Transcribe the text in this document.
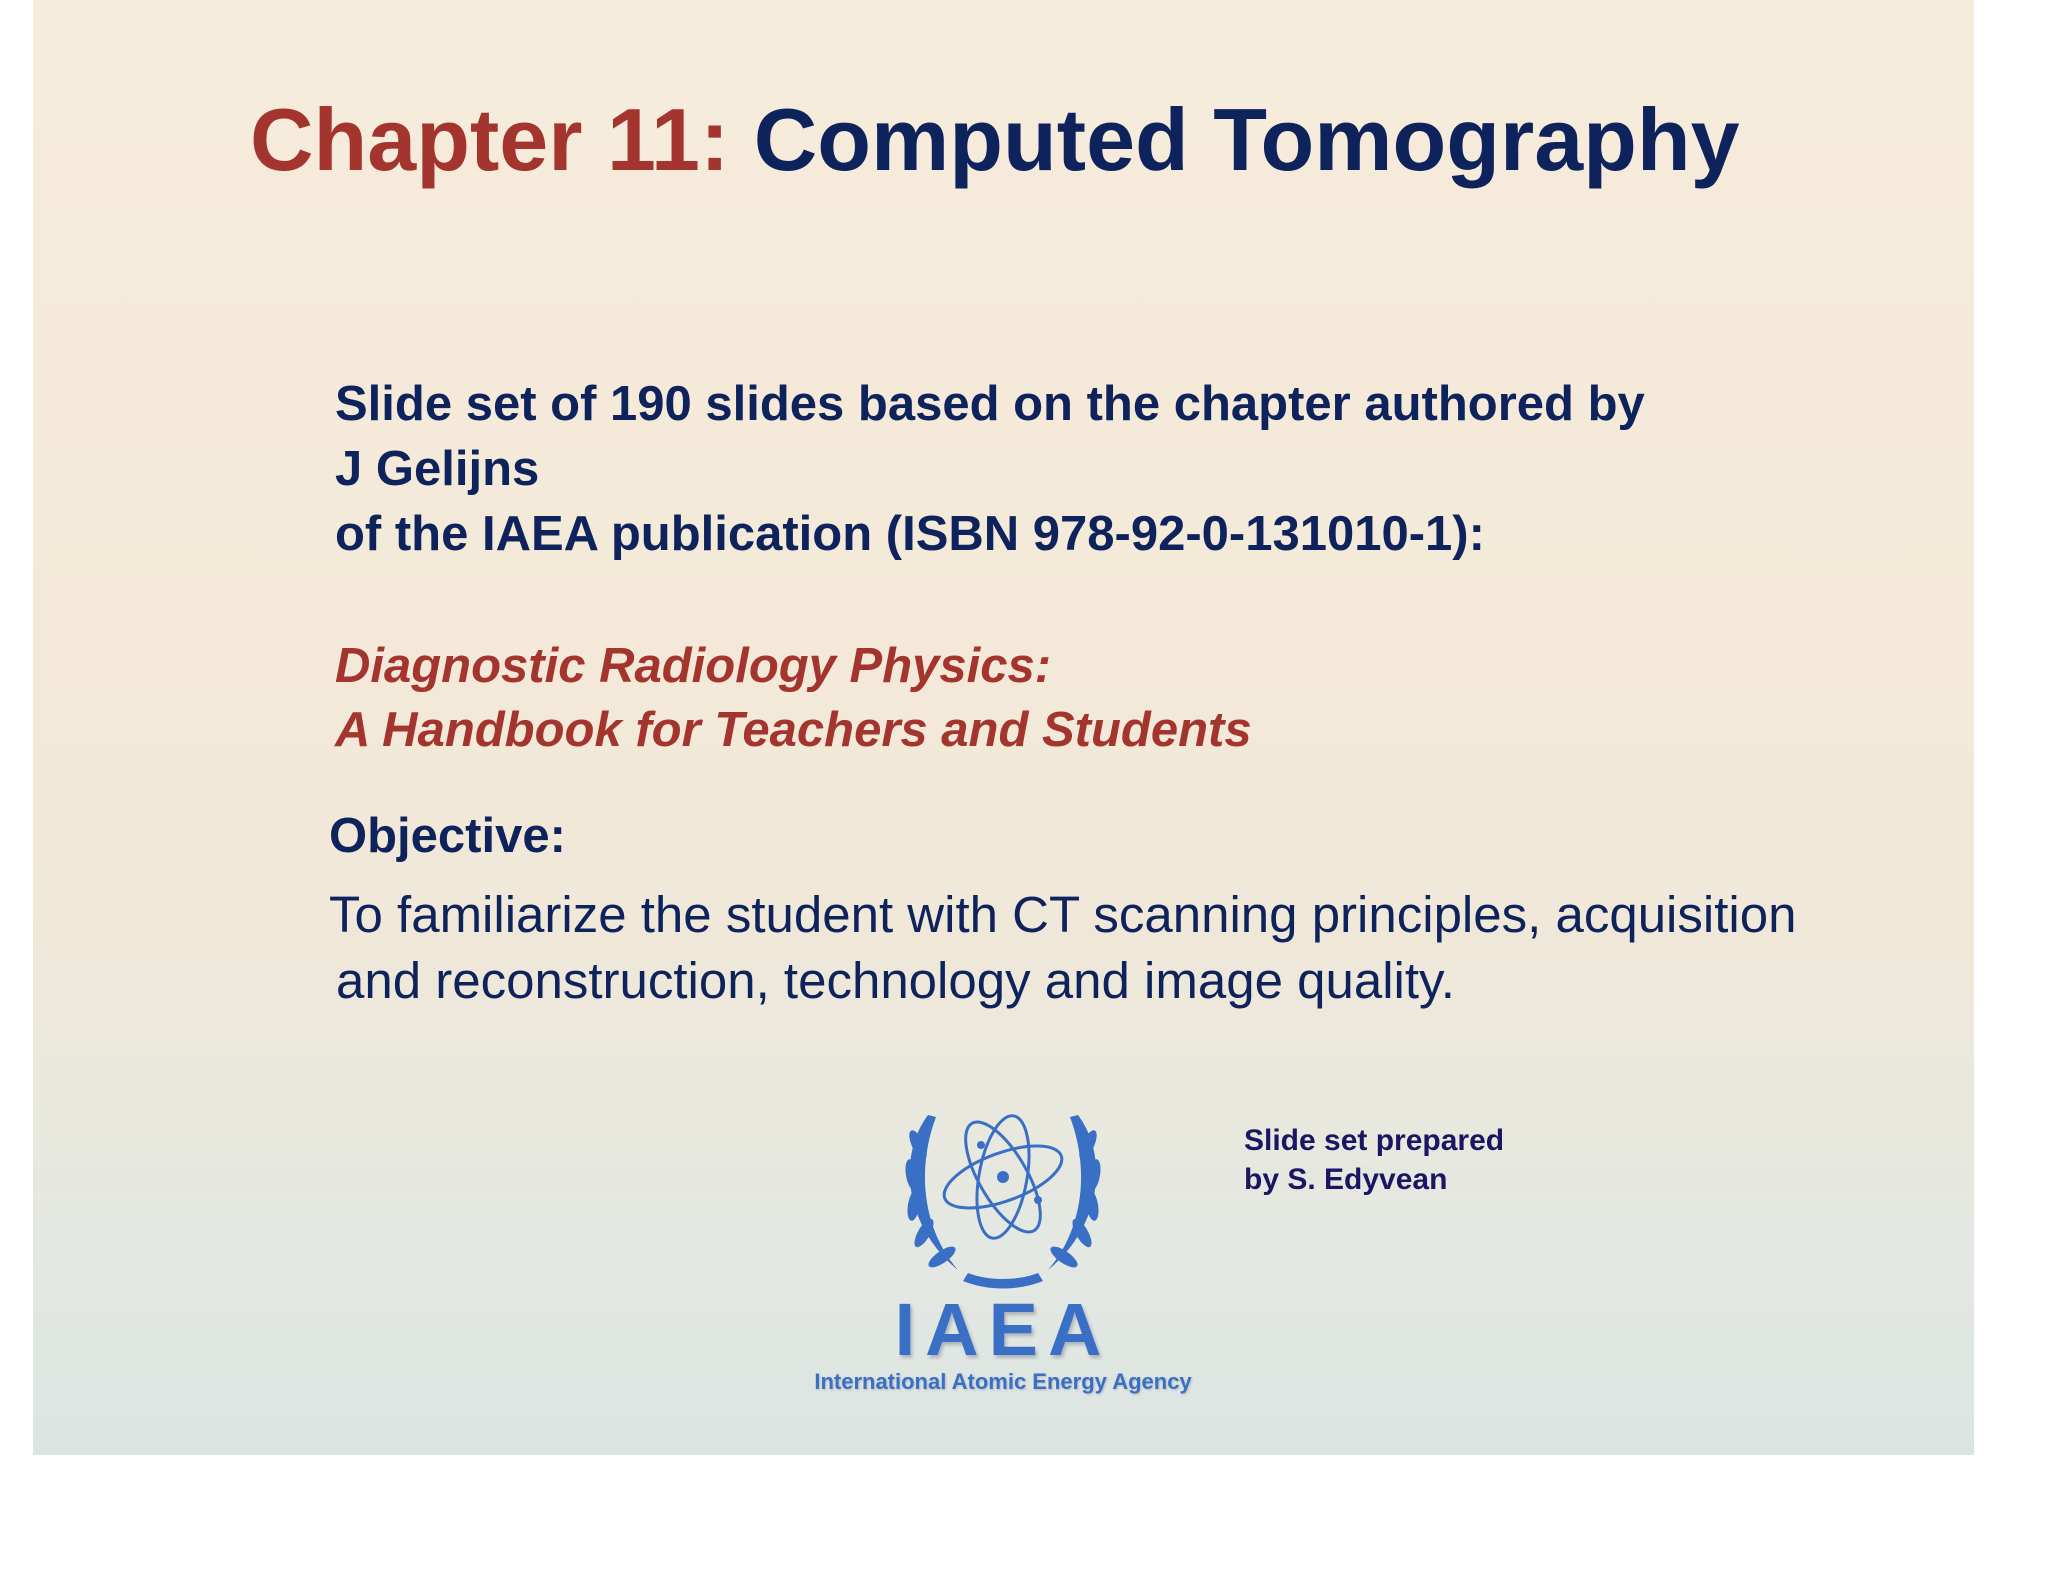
Chapter 11: Computed Tomography
Slide set of 190 slides based on the chapter authored by
J Gelijns
of the IAEA publication (ISBN 978-92-0-131010-1):
Diagnostic Radiology Physics:
A Handbook for Teachers and Students
Objective:
To familiarize the student with CT scanning principles, acquisition
and reconstruction, technology and image quality.
IAEA
International Atomic Energy Agency
Slide set prepared
by S. Edyvean
